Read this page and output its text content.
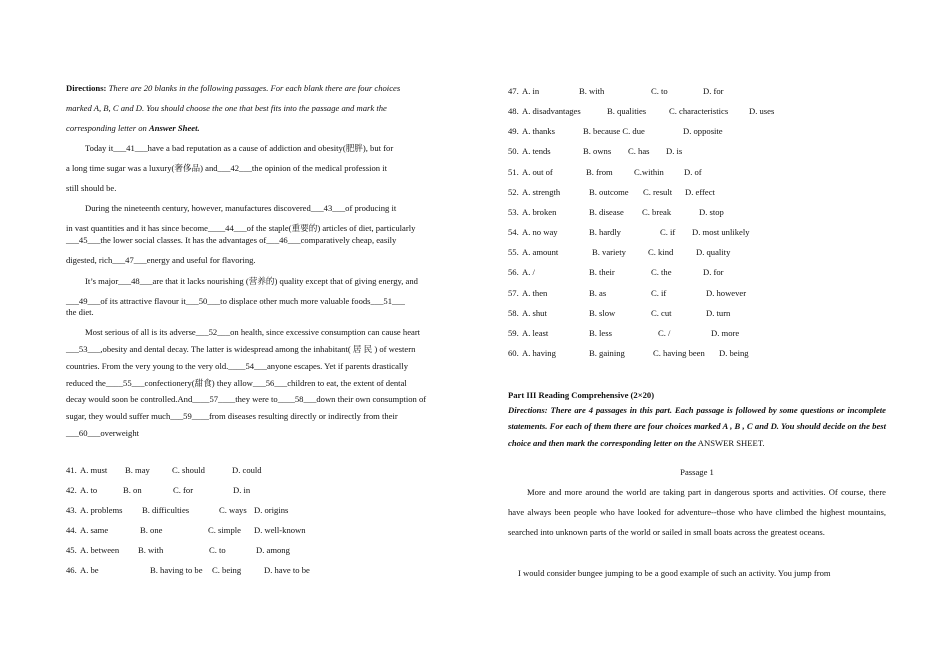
Directions: There are 20 blanks in the following passages. For each blank there are four choices
marked A, B, C and D. You should choose the one that best fits into the passage and mark the
corresponding letter on Answer Sheet.
Today it___41___have a bad reputation as a cause of addiction and obesity(肥胖), but for
a long time sugar was a luxury(奢侈品) and___42___the opinion of the medical profession it
still should be.
During the nineteenth century, however, manufactures discovered___43___of producing it
in vast quantities and it has since become____44___of the staple(重要的) articles of diet, particularly
___45___the lower social classes. It has the advantages of___46___comparatively cheap, easily
digested, rich___47___energy and useful for flavoring.
It’s major___48___are that it lacks nourishing (营养的) quality except that of giving energy, and
___49___of its attractive flavour it___50___to displace other much more valuable foods___51___
the diet.
Most serious of all is its adverse___52___on health, since excessive consumption can cause heart
___53___,obesity and dental decay. The latter is widespread among the inhabitant( 居 民 ) of western
countries. From the very young to the very old.____54___anyone escapes. Yet if parents drastically
reduced the____55___confectionery(甜食) they allow___56___children to eat, the extent of dental
decay would soon be controlled.And____57____they were to____58___down their own consumption of
sugar, they would suffer much___59____from diseases resulting directly or indirectly from their
___60___overweight
41. A. must B. may	C. should	D. could
42. A. to	B. on	C. for	D. in
43. A. problems B. difficulties	C. ways D. origins
44. A. same	B. one	C. simple D. well-known
45. A. between B. with	C. to	D. among
46. A. be	B. having to be C. being	D. have to be
47. A. in	B. with	C. to	D. for
48. A. disadvantages	B. qualities	C. characteristics D. uses
49. A. thanks	B. because C. due	D. opposite
50. A. tends	B. owns C. has D. is
51. A. out of	B. from C.within D. of
52. A. strength	B. outcome C. result D. effect
53. A. broken	B. disease C. break	D. stop
54. A. no way	B. hardly	C. if D. most unlikely
55. A. amount	B. variety	C. kind	D. quality
56. A. /	B. their	C. the	D. for
57. A. then	B. as	C. if	D. however
58. A. shut	B. slow	C. cut	D. turn
59. A. least	B. less	C. /	D. more
60. A. having	B. gaining	C. having been D. being
Part III Reading Comprehensive (2×20)
Directions: There are 4 passages in this part. Each passage is followed by some questions or incomplete statements. For each of them there are four choices marked A , B , C and D. You should decide on the best choice and then mark the corresponding letter on the ANSWER SHEET.
Passage 1
More and more around the world are taking part in dangerous sports and activities. Of course, there have always been people who have looked for adventure--those who have climbed the highest mountains, searched into unknown parts of the world or sailed in small boats across the greatest oceans.
I would consider bungee jumping to be a good example of such an activity. You jump from
